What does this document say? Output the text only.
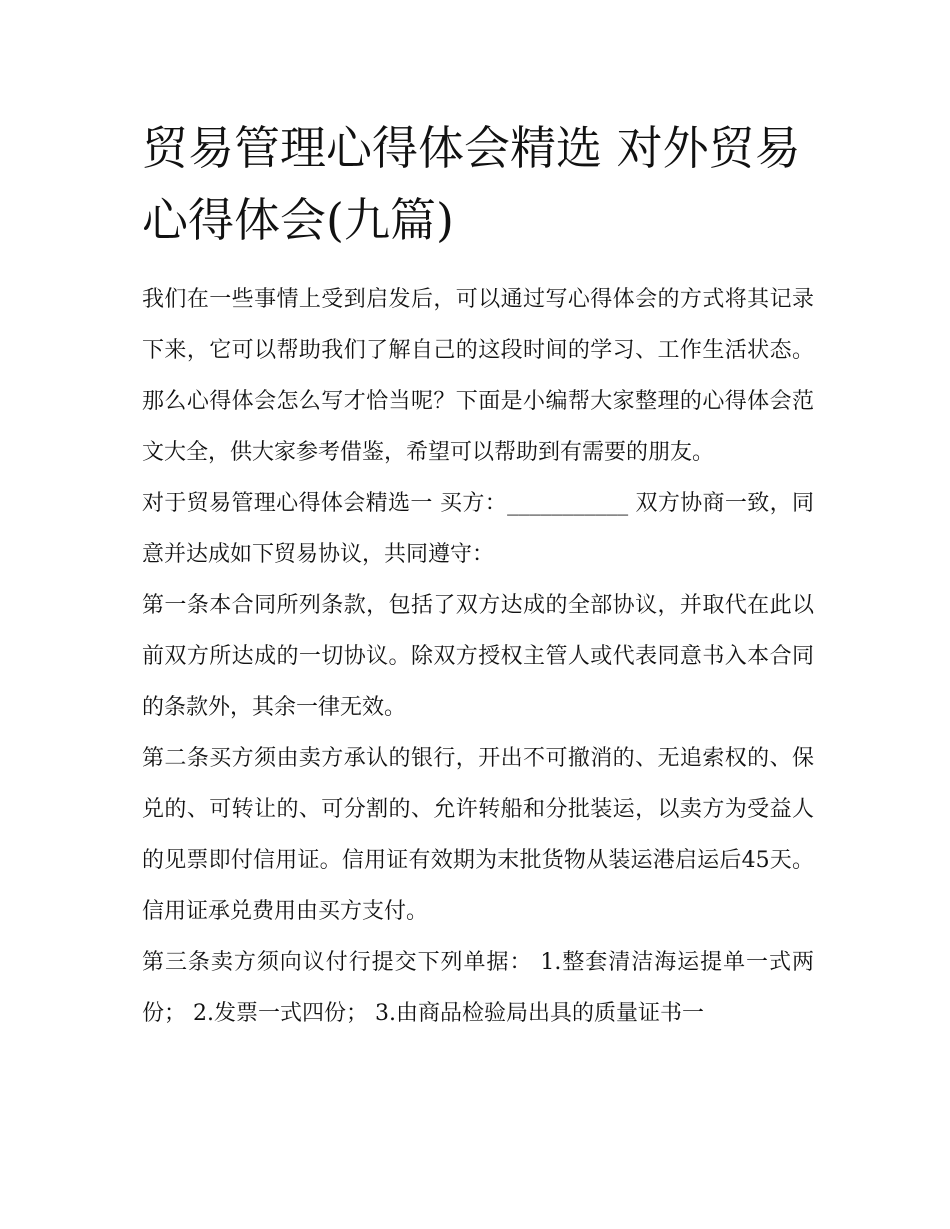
贸易管理心得体会精选 对外贸易心得体会(九篇)

我们在一些事情上受到启发后，可以通过写心得体会的方式将其记录下来，它可以帮助我们了解自己的这段时间的学习、工作生活状态。那么心得体会怎么写才恰当呢？下面是小编帮大家整理的心得体会范文大全，供大家参考借鉴，希望可以帮助到有需要的朋友。

对于贸易管理心得体会精选一 买方：___________ 双方协商一致，同意并达成如下贸易协议，共同遵守：

第一条本合同所列条款，包括了双方达成的全部协议，并取代在此以前双方所达成的一切协议。除双方授权主管人或代表同意书入本合同的条款外，其余一律无效。

第二条买方须由卖方承认的银行，开出不可撤消的、无追索权的、保兑的、可转让的、可分割的、允许转船和分批装运，以卖方为受益人的见票即付信用证。信用证有效期为末批货物从装运港启运后45天。信用证承兑费用由买方支付。

第三条卖方须向议付行提交下列单据： 1.整套清洁海运提单一式两份； 2.发票一式四份； 3.由商品检验局出具的质量证书一
